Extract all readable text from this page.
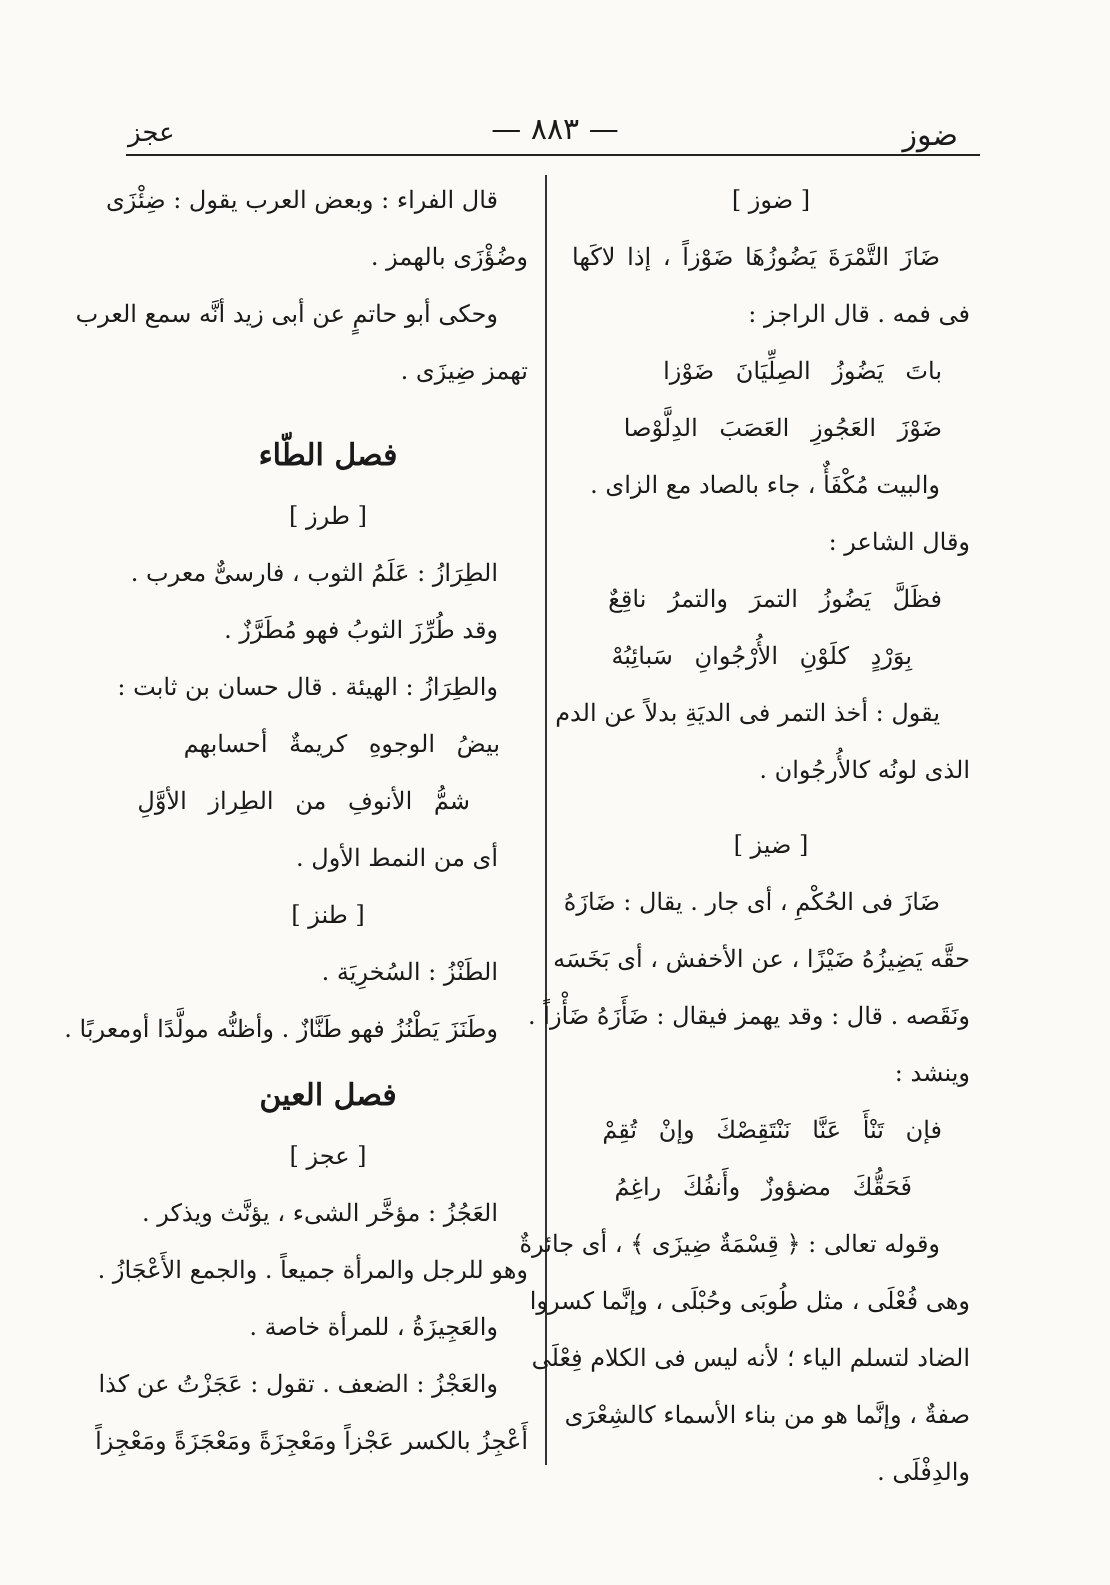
ضوز
— ٨٨٣ —
عجز
[ ضوز ]
ضَازَ التَّمْرَةَ يَضُوزُهَا ضَوْزاً ، إذا لاكَها
فى فمه . قال الراجز :
باتَ يَضُوزُ الصِلِّيَانَ ضَوْزا
ضَوْزَ العَجُوزِ العَصَبَ الدِلَّوْصا
والبيت مُكْفَأٌ ، جاء بالصاد مع الزاى .
وقال الشاعر :
فظَلَّ يَضُوزُ التمرَ والتمرُ ناقِعٌ
بِوَرْدٍ كلَوْنِ الأُرْجُوانِ سَبائِبُهْ
يقول : أخذ التمر فى الديَةِ بدلاً عن الدم
الذى لونُه كالأُرجُوان .
[ ضيز ]
ضَازَ فى الحُكْمِ ، أى جار . يقال : ضَازَهُ
حقَّه يَضِيزُهُ ضَيْزًا ، عن الأخفش ، أى بَخَسَه
ونَقَصه . قال : وقد يهمز فيقال : ضَأَزَهُ ضَأْزاً .
وينشد :
فإن تَنْأَ عَنَّا نَنْتَقِصْكَ وإنْ تُقِمْ
فَحَقُّكَ مضؤوزٌ وأَنفُكَ راغِمُ
وقوله تعالى : ﴿ قِسْمَةٌ ضِيزَى ﴾ ، أى جائرةٌ
وهى فُعْلَى ، مثل طُوبَى وحُبْلَى ، وإنَّما كسروا
الضاد لتسلم الياء ؛ لأنه ليس فى الكلام فِعْلَى
صفةٌ ، وإنَّما هو من بناء الأسماء كالشِعْرَى
والدِفْلَى .
قال الفراء : وبعض العرب يقول : ضِئْزَى
وضُؤْزَى بالهمز .
وحكى أبو حاتمٍ عن أبى زيد أنَّه سمع العرب
تهمز ضِيزَى .
فصل الطّاء
[ طرز ]
الطِرَازُ : عَلَمُ الثوب ، فارسىٌّ معرب .
وقد طُرِّزَ الثوبُ فهو مُطَرَّزٌ .
والطِرَازُ : الهيئة . قال حسان بن ثابت :
بيضُ الوجوهِ كريمةٌ أحسابهم
شمُّ الأنوفِ من الطِراز الأوَّلِ
أى من النمط الأول .
[ طنز ]
الطَنْزُ : السُخرِيَة .
وطَنَزَ يَطْنُزُ فهو طَنَّازٌ . وأظنُّه مولَّدًا أومعربًا .
فصل العين
[ عجز ]
العَجُزُ : مؤخَّر الشىء ، يؤنَّث ويذكر .
وهو للرجل والمرأة جميعاً . والجمع الأَعْجَازُ .
والعَجِيزَةُ ، للمرأة خاصة .
والعَجْزُ : الضعف . تقول : عَجَزْتُ عن كذا
أَعْجِزُ بالكسر عَجْزاً ومَعْجِزَةً ومَعْجَزَةً ومَعْجِزاً
